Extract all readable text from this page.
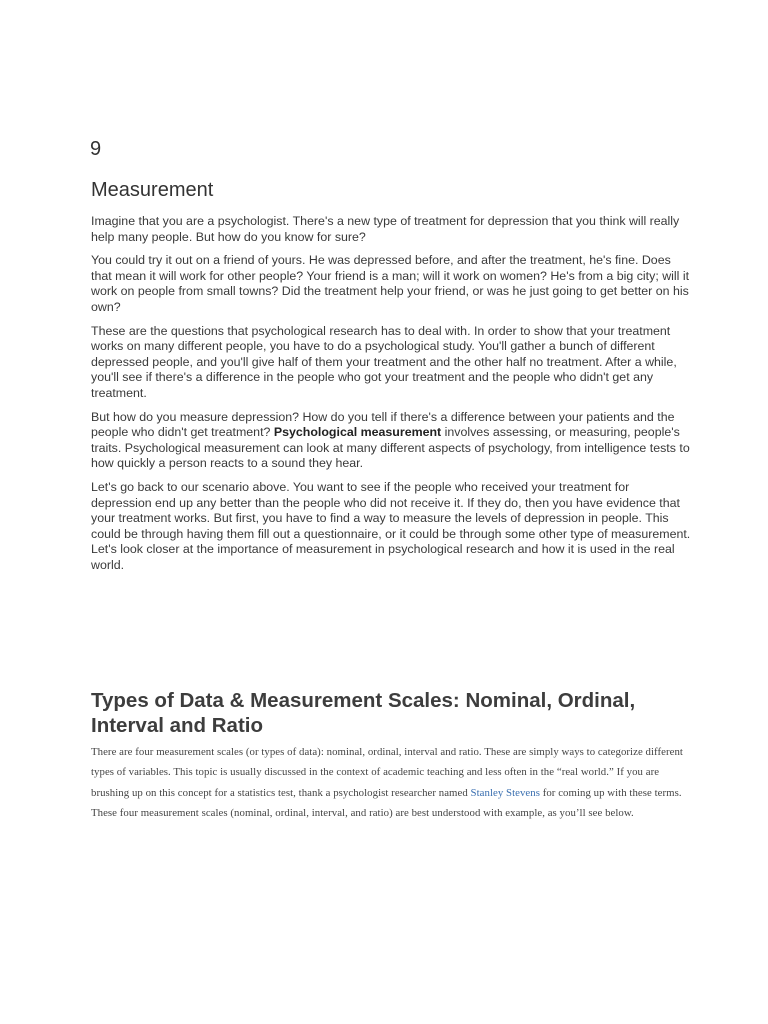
9
Measurement

Imagine that you are a psychologist. There's a new type of treatment for depression that you think will really help many people. But how do you know for sure?

You could try it out on a friend of yours. He was depressed before, and after the treatment, he's fine. Does that mean it will work for other people? Your friend is a man; will it work on women? He's from a big city; will it work on people from small towns? Did the treatment help your friend, or was he just going to get better on his own?

These are the questions that psychological research has to deal with. In order to show that your treatment works on many different people, you have to do a psychological study. You'll gather a bunch of different depressed people, and you'll give half of them your treatment and the other half no treatment. After a while, you'll see if there's a difference in the people who got your treatment and the people who didn't get any treatment.

But how do you measure depression? How do you tell if there's a difference between your patients and the people who didn't get treatment? Psychological measurement involves assessing, or measuring, people's traits. Psychological measurement can look at many different aspects of psychology, from intelligence tests to how quickly a person reacts to a sound they hear.

Let's go back to our scenario above. You want to see if the people who received your treatment for depression end up any better than the people who did not receive it. If they do, then you have evidence that your treatment works. But first, you have to find a way to measure the levels of depression in people. This could be through having them fill out a questionnaire, or it could be through some other type of measurement. Let's look closer at the importance of measurement in psychological research and how it is used in the real world.

Types of Data & Measurement Scales: Nominal, Ordinal, Interval and Ratio

There are four measurement scales (or types of data): nominal, ordinal, interval and ratio. These are simply ways to categorize different types of variables. This topic is usually discussed in the context of academic teaching and less often in the “real world.” If you are brushing up on this concept for a statistics test, thank a psychologist researcher named Stanley Stevens for coming up with these terms. These four measurement scales (nominal, ordinal, interval, and ratio) are best understood with example, as you’ll see below.
